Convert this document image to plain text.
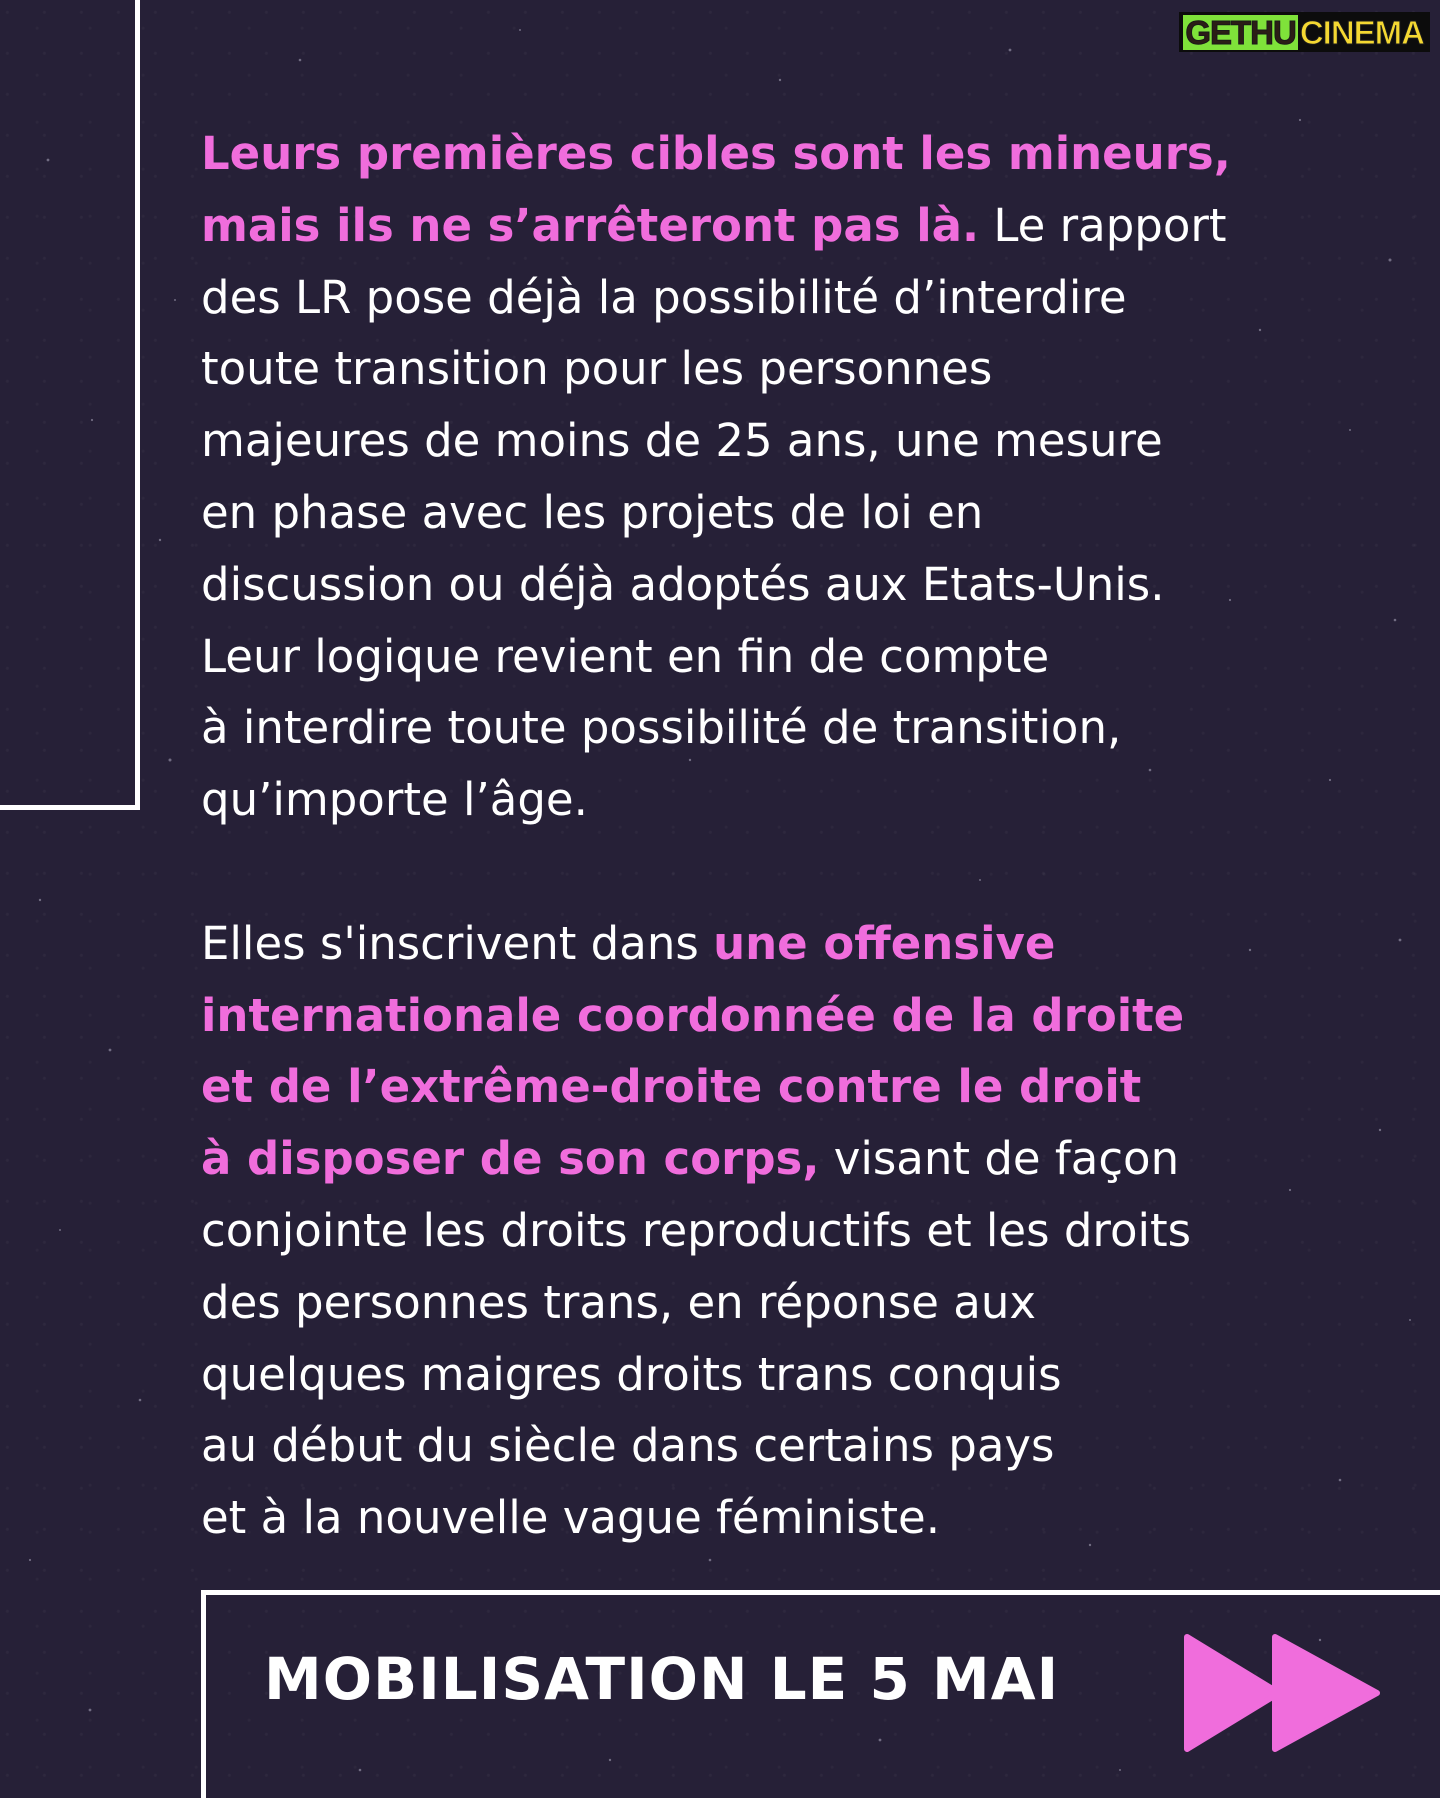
GETHU CINEMA

Leurs premières cibles sont les mineurs,
mais ils ne s’arrêteront pas là. Le rapport
des LR pose déjà la possibilité d’interdire
toute transition pour les personnes
majeures de moins de 25 ans, une mesure
en phase avec les projets de loi en
discussion ou déjà adoptés aux Etats-Unis.
Leur logique revient en fin de compte
à interdire toute possibilité de transition,
qu’importe l’âge.

Elles s'inscrivent dans une offensive
internationale coordonnée de la droite
et de l’extrême-droite contre le droit
à disposer de son corps, visant de façon
conjointe les droits reproductifs et les droits
des personnes trans, en réponse aux
quelques maigres droits trans conquis
au début du siècle dans certains pays
et à la nouvelle vague féministe.

MOBILISATION LE 5 MAI
